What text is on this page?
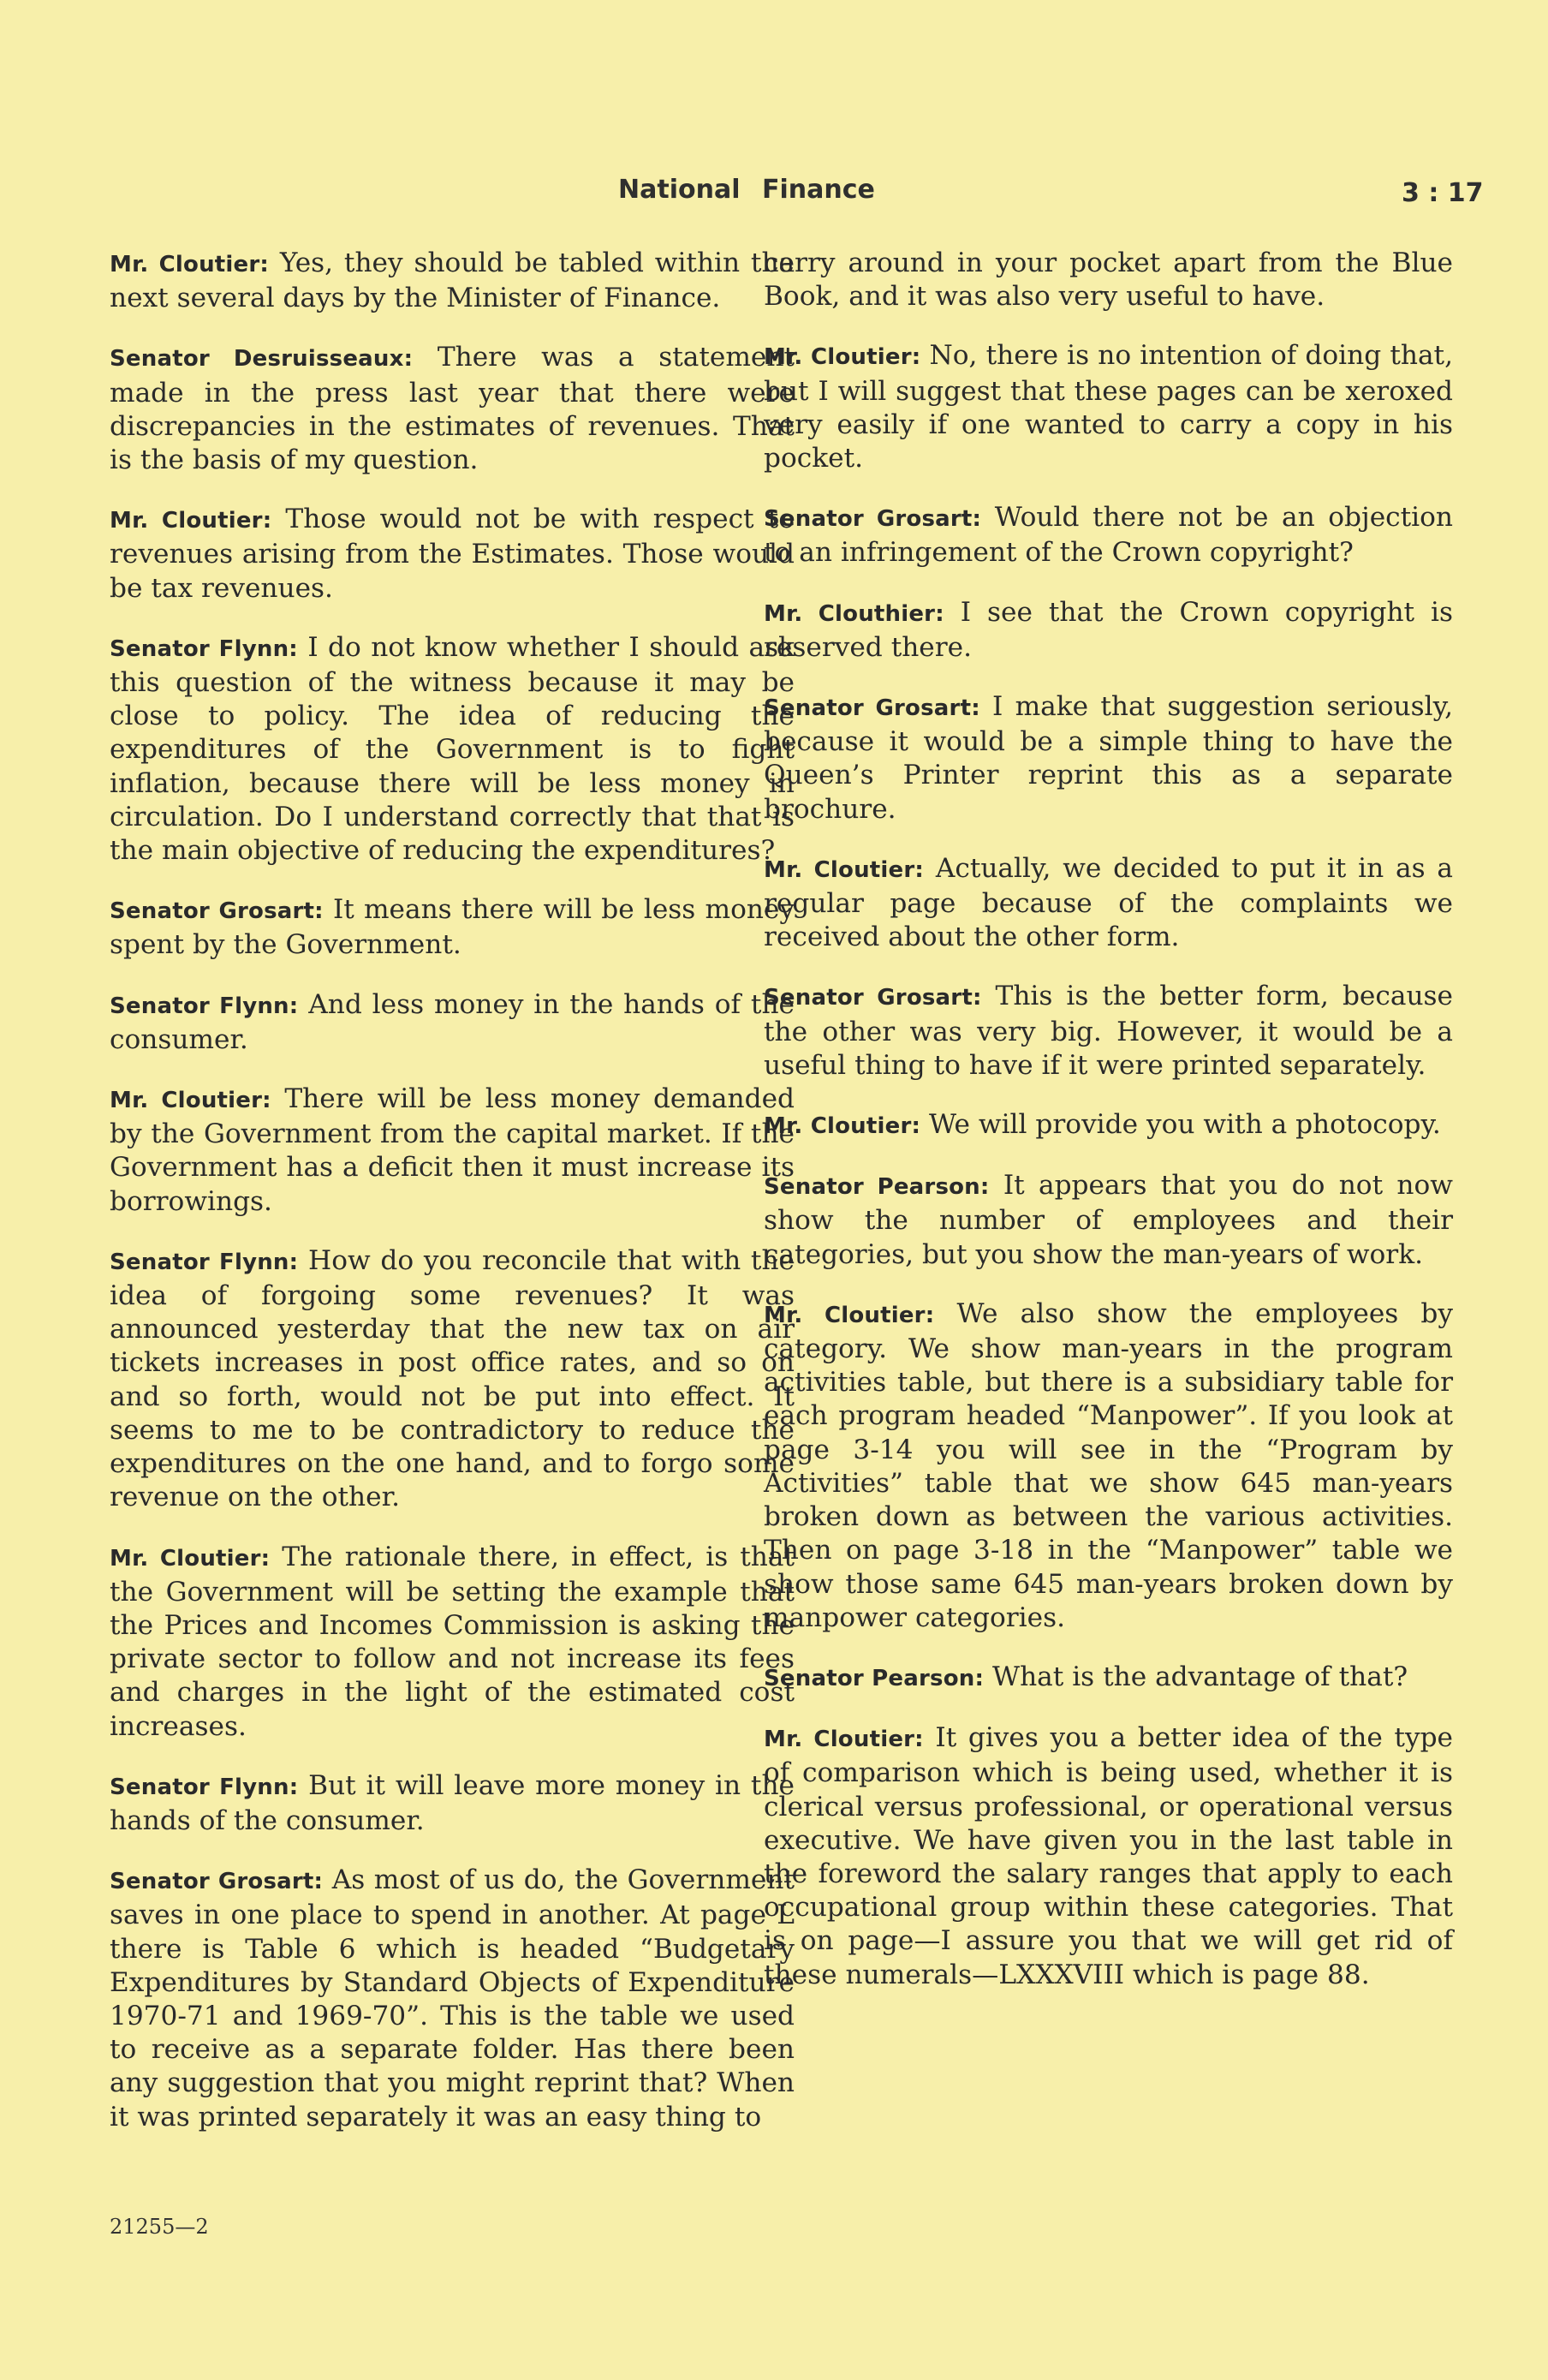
National Finance	3 : 17

Mr. Cloutier: Yes, they should be tabled within the next several days by the Minister of Finance.

Senator Desruisseaux: There was a statement made in the press last year that there were discrepancies in the estimates of revenues. That is the basis of my question.

Mr. Cloutier: Those would not be with respect to revenues arising from the Estimates. Those would be tax revenues.

Senator Flynn: I do not know whether I should ask this question of the witness because it may be close to policy. The idea of reducing the expenditures of the Government is to fight inflation, because there will be less money in circulation. Do I understand correctly that that is the main objective of reducing the expenditures?

Senator Grosart: It means there will be less money spent by the Government.

Senator Flynn: And less money in the hands of the consumer.

Mr. Cloutier: There will be less money demanded by the Government from the capital market. If the Government has a deficit then it must increase its borrowings.

Senator Flynn: How do you reconcile that with the idea of forgoing some revenues? It was announced yesterday that the new tax on air tickets increases in post office rates, and so on and so forth, would not be put into effect. It seems to me to be contradictory to reduce the expenditures on the one hand, and to forgo some revenue on the other.

Mr. Cloutier: The rationale there, in effect, is that the Government will be setting the example that the Prices and Incomes Commission is asking the private sector to follow and not increase its fees and charges in the light of the estimated cost increases.

Senator Flynn: But it will leave more money in the hands of the consumer.

Senator Grosart: As most of us do, the Government saves in one place to spend in another. At page L there is Table 6 which is headed “Budgetary Expenditures by Standard Objects of Expenditure 1970-71 and 1969-70”. This is the table we used to receive as a separate folder. Has there been any suggestion that you might reprint that? When it was printed separately it was an easy thing to

carry around in your pocket apart from the Blue Book, and it was also very useful to have.

Mr. Cloutier: No, there is no intention of doing that, but I will suggest that these pages can be xeroxed very easily if one wanted to carry a copy in his pocket.

Senator Grosart: Would there not be an objection to an infringement of the Crown copyright?

Mr. Clouthier: I see that the Crown copyright is reserved there.

Senator Grosart: I make that suggestion seriously, because it would be a simple thing to have the Queen’s Printer reprint this as a separate brochure.

Mr. Cloutier: Actually, we decided to put it in as a regular page because of the complaints we received about the other form.

Senator Grosart: This is the better form, because the other was very big. However, it would be a useful thing to have if it were printed separately.

Mr. Cloutier: We will provide you with a photocopy.

Senator Pearson: It appears that you do not now show the number of employees and their categories, but you show the man-years of work.

Mr. Cloutier: We also show the employees by category. We show man-years in the program activities table, but there is a subsidiary table for each program headed “Manpower”. If you look at page 3-14 you will see in the “Program by Activities” table that we show 645 man-years broken down as between the various activities. Then on page 3-18 in the “Manpower” table we show those same 645 man-years broken down by manpower categories.

Senator Pearson: What is the advantage of that?

Mr. Cloutier: It gives you a better idea of the type of comparison which is being used, whether it is clerical versus professional, or operational versus executive. We have given you in the last table in the foreword the salary ranges that apply to each occupational group within these categories. That is on page—I assure you that we will get rid of these numerals—LXXXVIII which is page 88.

21255—2
